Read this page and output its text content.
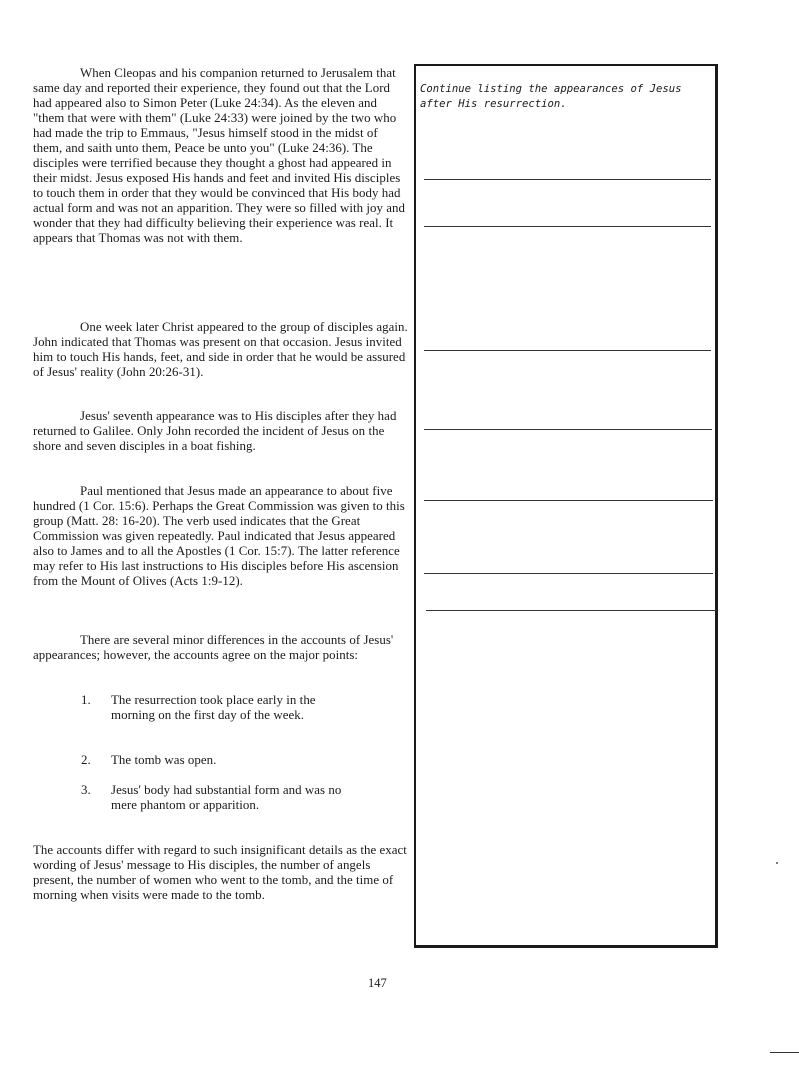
When Cleopas and his companion returned to Jerusalem that same day and reported their experience, they found out that the Lord had appeared also to Simon Peter (Luke 24:34). As the eleven and "them that were with them" (Luke 24:33) were joined by the two who had made the trip to Emmaus, "Jesus himself stood in the midst of them, and saith unto them, Peace be unto you" (Luke 24:36). The disciples were terrified because they thought a ghost had appeared in their midst. Jesus exposed His hands and feet and invited His disciples to touch them in order that they would be convinced that His body had actual form and was not an apparition. They were so filled with joy and wonder that they had difficulty believing their experience was real. It appears that Thomas was not with them.

One week later Christ appeared to the group of disciples again. John indicated that Thomas was present on that occasion. Jesus invited him to touch His hands, feet, and side in order that he would be assured of Jesus' reality (John 20:26-31).

Jesus' seventh appearance was to His disciples after they had returned to Galilee. Only John recorded the incident of Jesus on the shore and seven disciples in a boat fishing.

Paul mentioned that Jesus made an appearance to about five hundred (1 Cor. 15:6). Perhaps the Great Commission was given to this group (Matt. 28: 16-20). The verb used indicates that the Great Commission was given repeatedly. Paul indicated that Jesus appeared also to James and to all the Apostles (1 Cor. 15:7). The latter reference may refer to His last instructions to His disciples before His ascension from the Mount of Olives (Acts 1:9-12).

There are several minor differences in the accounts of Jesus' appearances; however, the accounts agree on the major points:

1. The resurrection took place early in the morning on the first day of the week.
2. The tomb was open.
3. Jesus' body had substantial form and was no mere phantom or apparition.

The accounts differ with regard to such insignificant details as the exact wording of Jesus' message to His disciples, the number of angels present, the number of women who went to the tomb, and the time of morning when visits were made to the tomb.

Continue listing the appearances of Jesus after His resurrection.
147
